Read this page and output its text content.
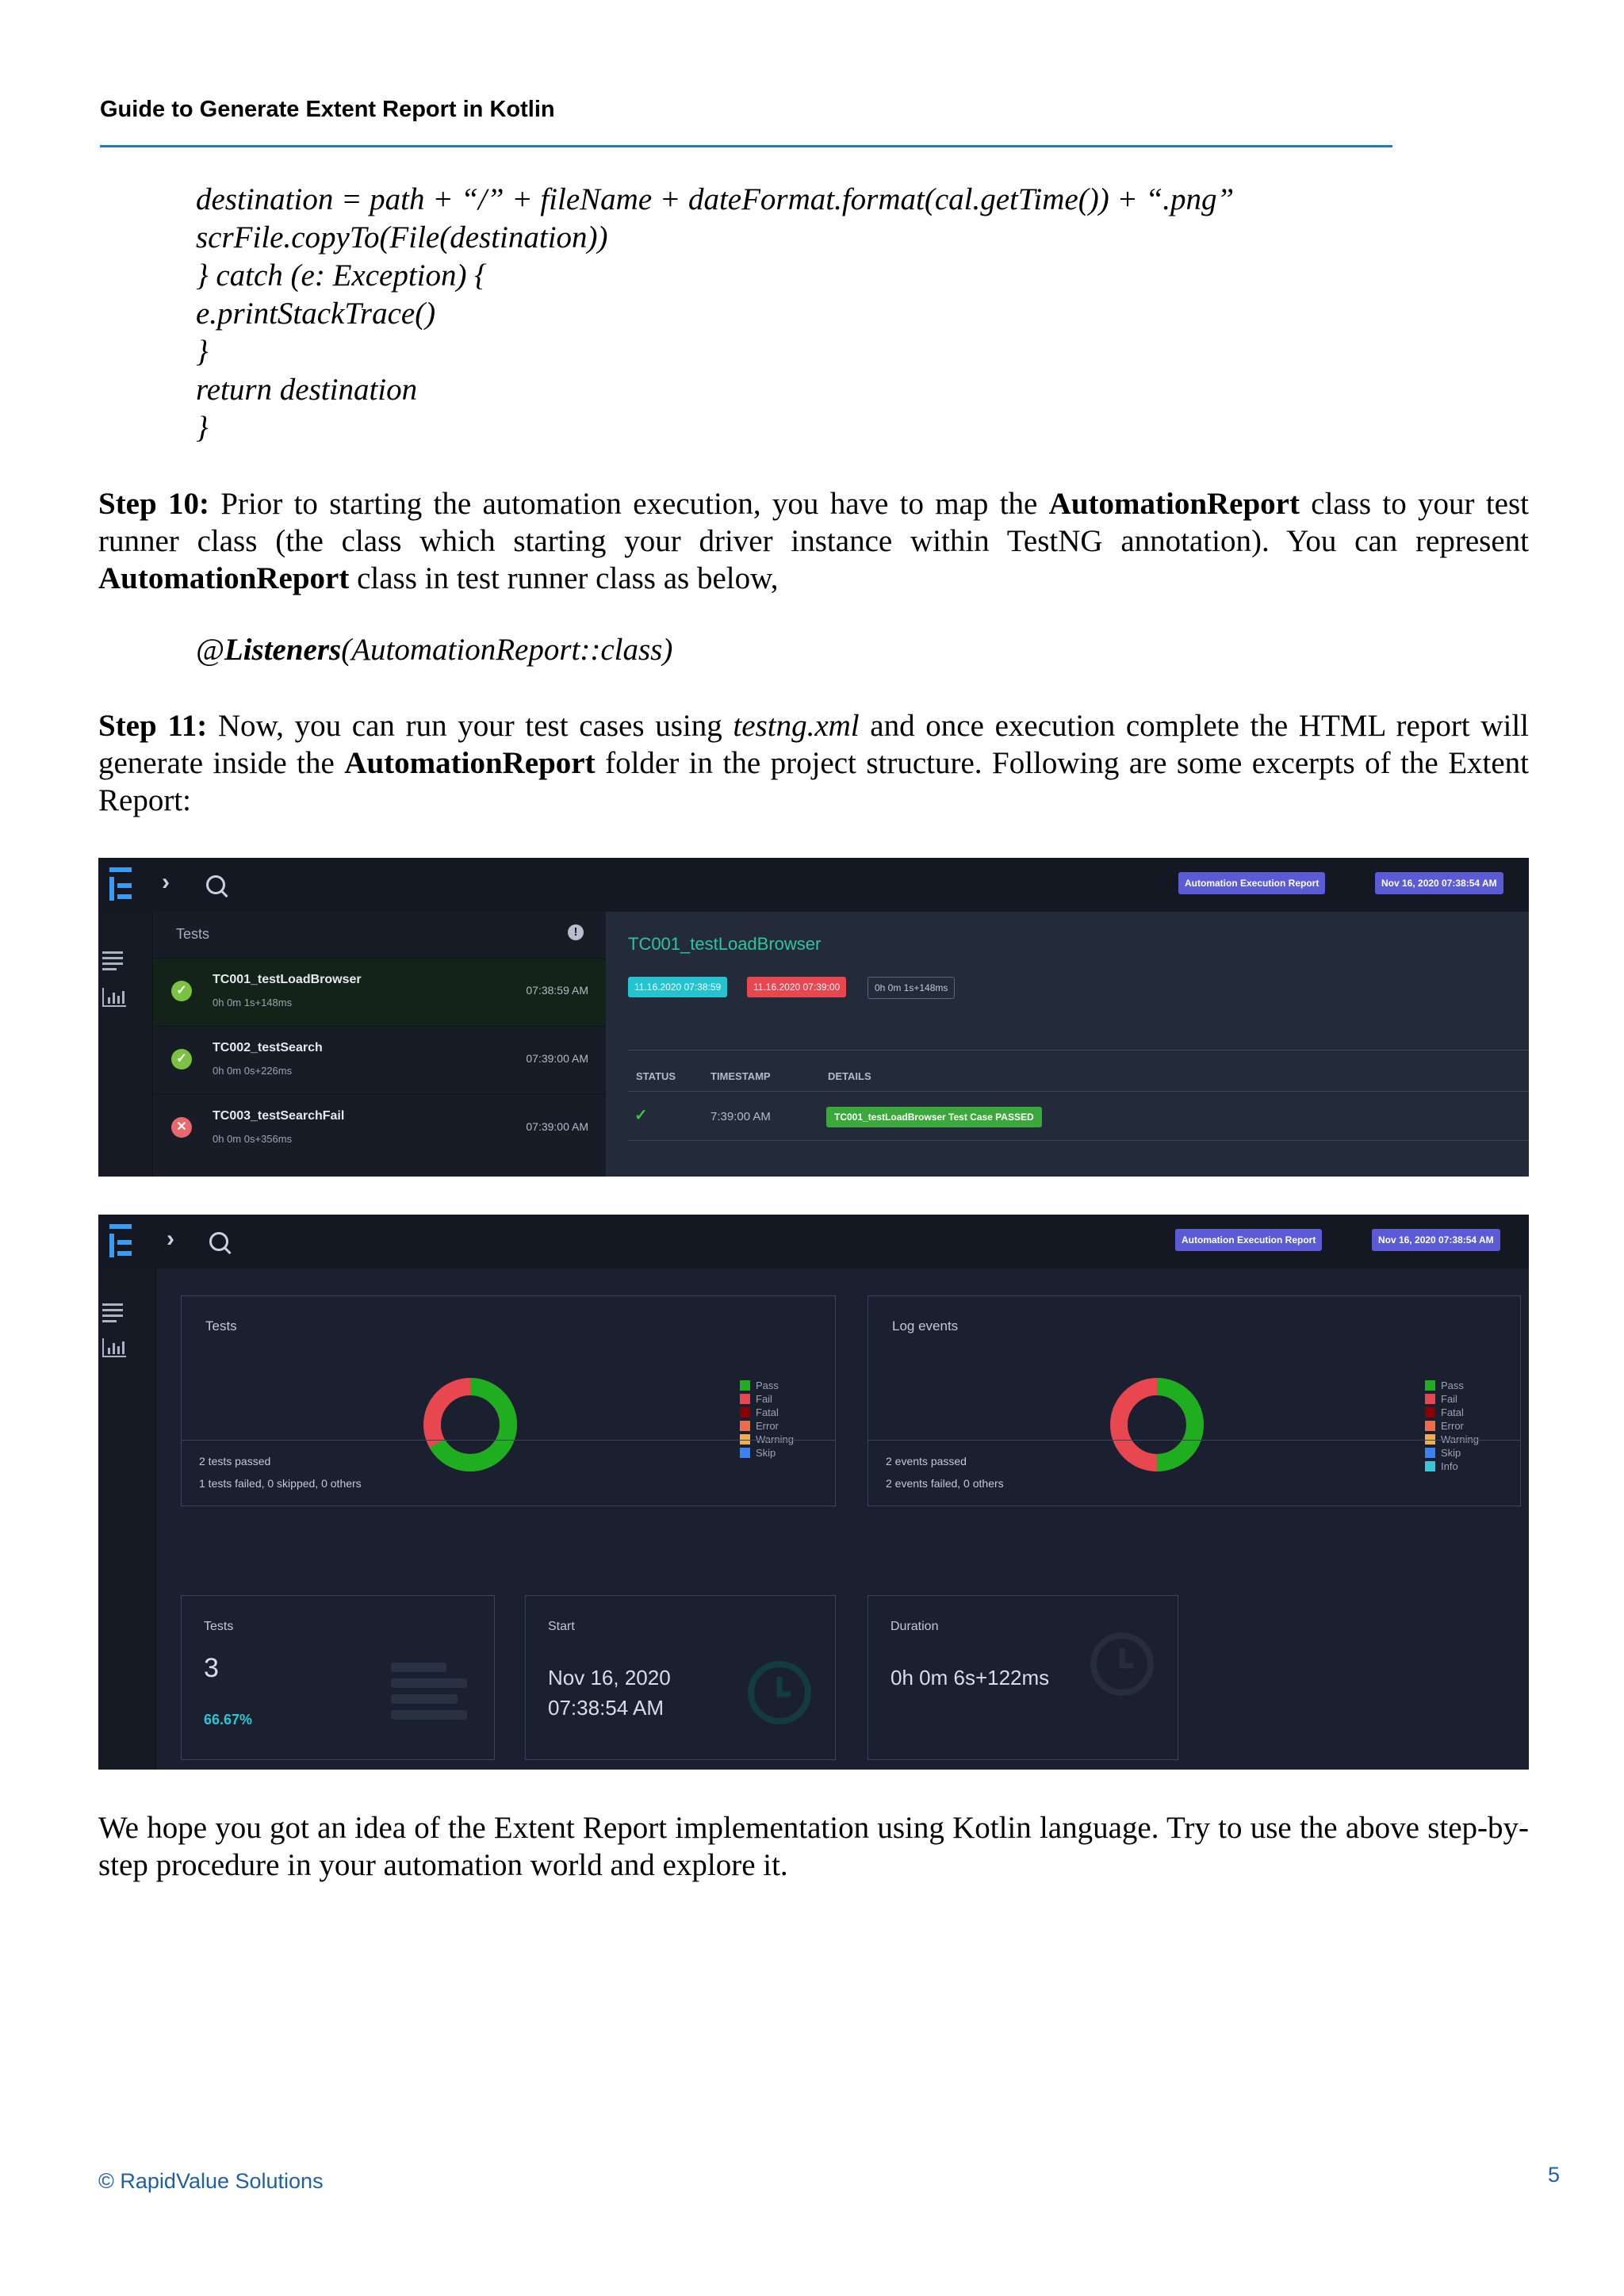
Guide to Generate Extent Report in Kotlin
destination = path + “/” + fileName + dateFormat.format(cal.getTime()) + “.png”
scrFile.copyTo(File(destination))
} catch (e: Exception) {
e.printStackTrace()
}
return destination
}
Step 10: Prior to starting the automation execution, you have to map the AutomationReport class to your test runner class (the class which starting your driver instance within TestNG annotation). You can represent AutomationReport class in test runner class as below,
@Listeners(AutomationReport::class)
Step 11: Now, you can run your test cases using testng.xml and once execution complete the HTML report will generate inside the AutomationReport folder in the project structure. Following are some excerpts of the Extent Report:
›	Automation Execution Report	Nov 16, 2020 07:38:54 AM
Tests	!
✓
TC001_testLoadBrowser
0h 0m 1s+148ms
07:38:59 AM
✓
TC002_testSearch
0h 0m 0s+226ms
07:39:00 AM
✕
TC003_testSearchFail
0h 0m 0s+356ms
07:39:00 AM
TC001_testLoadBrowser
11.16.2020 07:38:59	11.16.2020 07:39:00	0h 0m 1s+148ms
STATUS	TIMESTAMP	DETAILS
✓	7:39:00 AM	TC001_testLoadBrowser Test Case PASSED
›	Automation Execution Report	Nov 16, 2020 07:38:54 AM
Tests
Pass
Fail
Fatal
Error
Warning
Skip
2 tests passed
1 tests failed, 0 skipped, 0 others
Log events
Pass
Fail
Fatal
Error
Warning
Skip
Info
2 events passed
2 events failed, 0 others
Tests
3
66.67%
Start
Nov 16, 2020
07:38:54 AM
Duration
0h 0m 6s+122ms
We hope you got an idea of the Extent Report implementation using Kotlin language. Try to use the above step-by-step procedure in your automation world and explore it.
© RapidValue Solutions	5
